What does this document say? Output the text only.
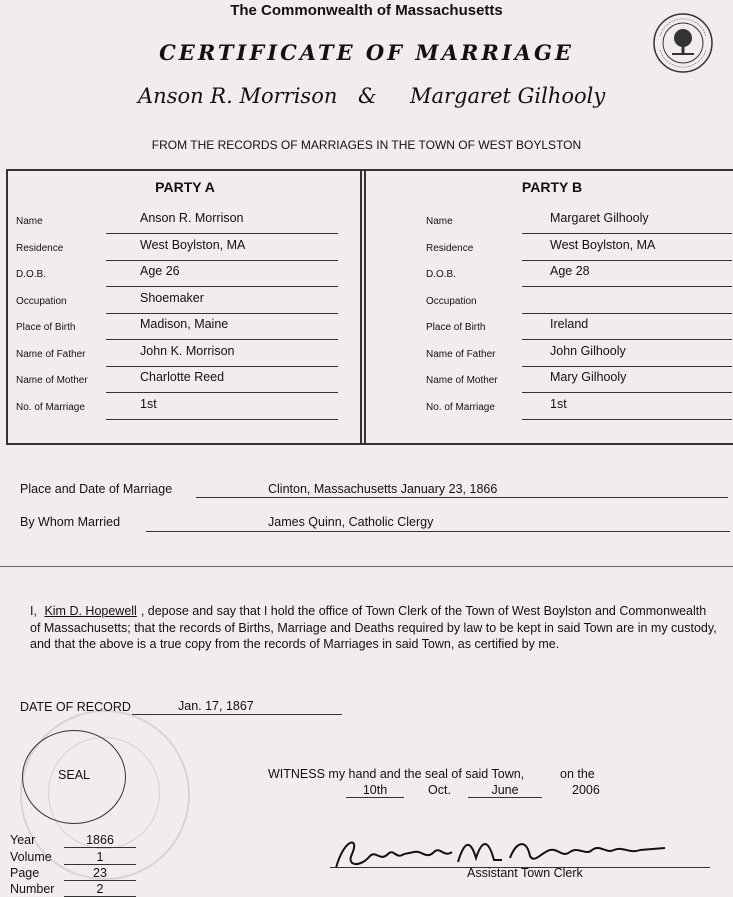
The Commonwealth of Massachusetts
CERTIFICATE OF MARRIAGE
Anson R. Morrison & Margaret Gilhooly
FROM THE RECORDS OF MARRIAGES IN THE TOWN OF WEST BOYLSTON
PARTY A
Name	Anson R. Morrison
Residence	West Boylston, MA
D.O.B.	Age 26
Occupation	Shoemaker
Place of Birth	Madison, Maine
Name of Father	John K. Morrison
Name of Mother	Charlotte Reed
No. of Marriage	1st
PARTY B
Name	Margaret Gilhooly
Residence	West Boylston, MA
D.O.B.	Age 28
Occupation
Place of Birth	Ireland
Name of Father	John Gilhooly
Name of Mother	Mary Gilhooly
No. of Marriage	1st
Place and Date of Marriage	Clinton, Massachusetts January 23, 1866
By Whom Married	James Quinn, Catholic Clergy
I, Kim D. Hopewell , depose and say that I hold the office of Town Clerk of the Town of West Boylston and Commonwealth of Massachusetts; that the records of Births, Marriage and Deaths required by law to be kept in said Town are in my custody, and that the above is a true copy from the records of Marriages in said Town, as certified by me.
DATE OF RECORD	Jan. 17, 1867
SEAL	WITNESS my hand and the seal of said Town,	on the
10th	Oct.	June	2006
Assistant Town Clerk
Year	1866
Volume	1
Page	23
Number	2
